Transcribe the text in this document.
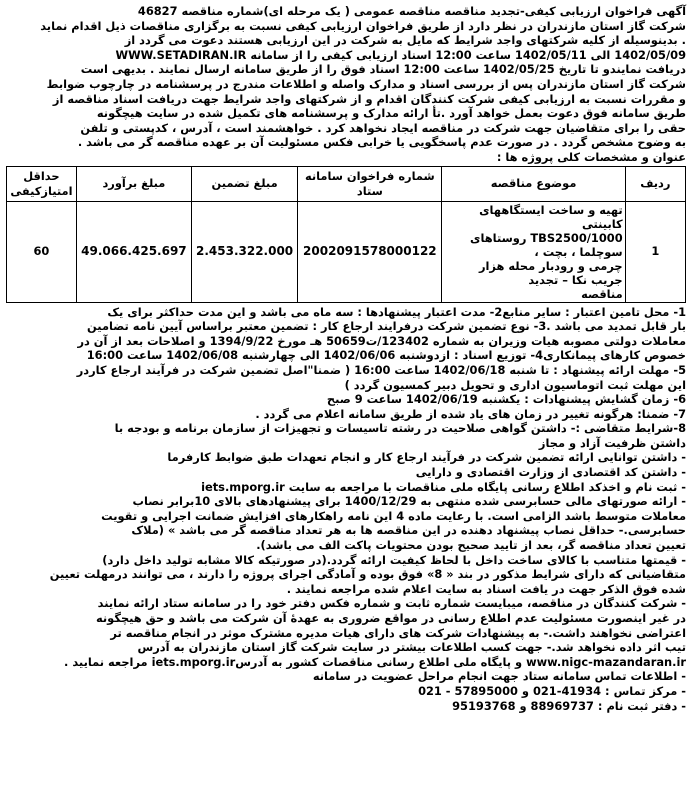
آگهی فراخوان ارزیابی کیفی-تجدید مناقصه مناقصه عمومی ( یک مرحله ای)شماره مناقصه 46827

شرکت گاز استان مازندران در نظر دارد از طریق فراخوان ارزیابی کیفی نسبت به برگزاری مناقصات ذیل اقدام نماید

. بدینوسیله از کلیه شرکتهای واجد شرایط که مایل به شرکت در این ارزیابی هستند دعوت می گردد از

1402/05/09 الی 1402/05/11 ساعت 12:00 اسناد ارزیابی کیفی را از سامانه WWW.SETADIRAN.IR

دریافت نمایندو تا تاریخ 1402/05/25 ساعت 12:00 اسناد فوق را از طریق سامانه ارسال نمایند . بدیهی است

شرکت گاز استان مازندران پس از بررسی اسناد و مدارک واصله و اطلاعات مندرج در پرسشنامه در چارچوب ضوابط

و مقررات نسبت به ارزیابی کیفی شرکت کنندگان اقدام و از شرکتهای واجد شرایط جهت دریافت اسناد مناقصه از

طریق سامانه فوق دعوت بعمل خواهد آورد .تأ ارائه مدارک و پرسشنامه های تکمیل شده در سایت هیچگونه

حقی را برای متقاضیان جهت شرکت در مناقصه ایجاد نخواهد کرد . خواهشمند است ، آدرس ، کدپستی و تلفن

به وضوح مشخص گردد . در صورت عدم پاسخگویی یا خرابی فکس مسئولیت آن بر عهده مناقصه گر می باشد .

عنوان و مشخصات کلی پروژه ها :

ردیف	موضوع مناقصه	شماره فراخوان سامانه ستاد	مبلغ تضمین	مبلغ برآورد	حداقل امتیازکیفی
1	تهیه و ساخت ایستگاههای کابینتی
TBS2500/1000 روستاهای سوچلما ، بچت ،
چرمی و رودبار محله هزار جریب نکا – تجدید
مناقصه	2002091578000122	2.453.322.000	49.066.425.697	60

1- محل تامین اعتبار : سایر منابع2- مدت اعتبار پیشنهادها : سه ماه می باشد و این مدت حداکثر برای یک

بار قابل تمدید می باشد .3- نوع تضمین شرکت درفرایند ارجاع کار : تضمین معتبر براساس آیین نامه تضامین

معاملات دولتی مصوبه هیات وزیران به شماره 123402/ت50659 هـ مورخ 1394/9/22 و اصلاحات بعد از آن در

خصوص کارهای پیمانکاری4- توزیع اسناد : ازدوشنبه 1402/06/06 الی چهارشنبه 1402/06/08 ساعت 16:00

5- مهلت ارائه پیشنهاد : تا شنبه 1402/06/18 ساعت 16:00 ( ضمنا"اصل تضمین شرکت در فرآیند ارجاع کاردر

این مهلت ثبت اتوماسیون اداری و تحویل دبیر کمسیون گردد )

6- زمان گشایش پیشنهادات : یکشنبه 1402/06/19 ساعت 9 صبح

7- ضمنا: هرگونه تغییر در زمان های یاد شده از طریق سامانه اعلام می گردد .

8-شرایط متقاضی :- داشتن گواهی صلاحیت در رشته تاسیسات و تجهیزات از سازمان برنامه و بودجه با

داشتن ظرفیت آزاد و مجاز

- داشتن توانایی ارائه تضمین شرکت در فرآیند ارجاع کار و انجام تعهدات طبق ضوابط کارفرما

- داشتن کد اقتصادی از وزارت اقتصادی و دارایی

- ثبت نام و اخذکد اطلاع رسانی پایگاه ملی مناقصات با مراجعه به سایت iets.mporg.ir

- ارائه صورتهای مالی حسابرسی شده منتهی به 1400/12/29 برای پیشنهادهای بالای 10برابر نصاب

معاملات متوسط باشد الزامی است. با رعایت ماده 4 این نامه راهکارهای افزایش ضمانت اجرایی و تقویت

حسابرسی.- حداقل نصاب پیشنهاد دهنده در این مناقصه ها به هر تعداد مناقصه گر می باشد » (ملاک

تعیین تعداد مناقصه گر، بعد از تایید صحیح بودن محتویات پاکت الف می باشد).

- قیمتها متناسب با کالای ساخت داخل با لحاظ کیفیت ارائه گردد.(در صورتیکه کالا مشابه تولید داخل دارد)

متقاضیانی که دارای شرایط مذکور در بند « 8» فوق بوده و آمادگی اجرای پروژه را دارند ، می توانند درمهلت تعیین

شده فوق الذکر جهت در یافت اسناد به سایت اعلام شده مراجعه نمایند .

- شرکت کنندگان در مناقصه، میبایست شماره ثابت و شماره فکس دفتر خود را در سامانه ستاد ارائه نمایند

در غیر اینصورت مسئولیت عدم اطلاع رسانی در مواقع ضروری به عهدهٔ آن شرکت می باشد و حق هیچگونه

اعتراضی نخواهند داشت.- به پیشنهادات شرکت های دارای هیات مدیره مشترک موثر در انجام مناقصه تر

تیب اثر داده نخواهد شد.- جهت کسب اطلاعات بیشتر در سایت شرکت گاز استان مازندران به آدرس

www.nigc-mazandaran.ir و پایگاه ملی اطلاع رسانی مناقصات کشور به آدرسiets.mporg.ir مراجعه نمایید .

- اطلاعات تماس سامانه ستاد جهت انجام مراحل عضویت در سامانه

- مرکز تماس : 41934-021 و 57895000 - 021

- دفتر ثبت نام : 88969737 و 95193768
